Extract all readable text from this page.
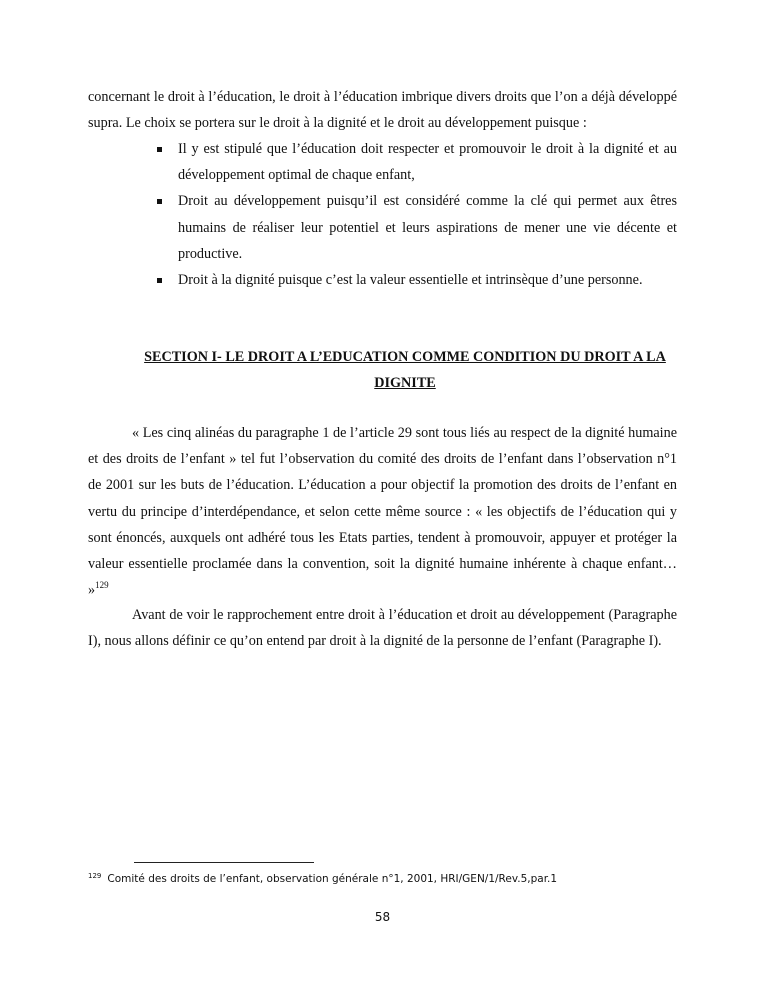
concernant le droit à l’éducation, le droit à l’éducation imbrique divers droits que l’on a déjà développé supra. Le choix se portera sur le droit à la dignité et le droit au développement puisque :

Il y est stipulé que l’éducation doit respecter et promouvoir le droit à la dignité et au développement optimal de chaque enfant,
Droit au développement puisqu’il est considéré comme la clé qui permet aux êtres humains de réaliser leur potentiel et leurs aspirations de mener une vie décente et productive.
Droit à la dignité puisque c’est la valeur essentielle et intrinsèque d’une personne.
SECTION I- LE DROIT A L’EDUCATION COMME CONDITION DU DROIT A LA DIGNITE

« Les cinq alinéas du paragraphe 1 de l’article 29 sont tous liés au respect de la dignité humaine et des droits de l’enfant » tel fut l’observation du comité des droits de l’enfant dans l’observation n°1 de 2001 sur les buts de l’éducation. L’éducation a pour objectif la promotion des droits de l’enfant en vertu du principe d’interdépendance, et selon cette même source : « les objectifs de l’éducation qui y sont énoncés, auxquels ont adhéré tous les Etats parties, tendent à promouvoir, appuyer et protéger la valeur essentielle proclamée dans la convention, soit la dignité humaine inhérente à chaque enfant… »$^{129}$

Avant de voir le rapprochement entre droit à l’éducation et droit au développement (Paragraphe I), nous allons définir ce qu’on entend par droit à la dignité de la personne de l’enfant (Paragraphe I).

$^{129}$ Comité des droits de l’enfant, observation générale n°1, 2001, HRI/GEN/1/Rev.5,par.1

58
